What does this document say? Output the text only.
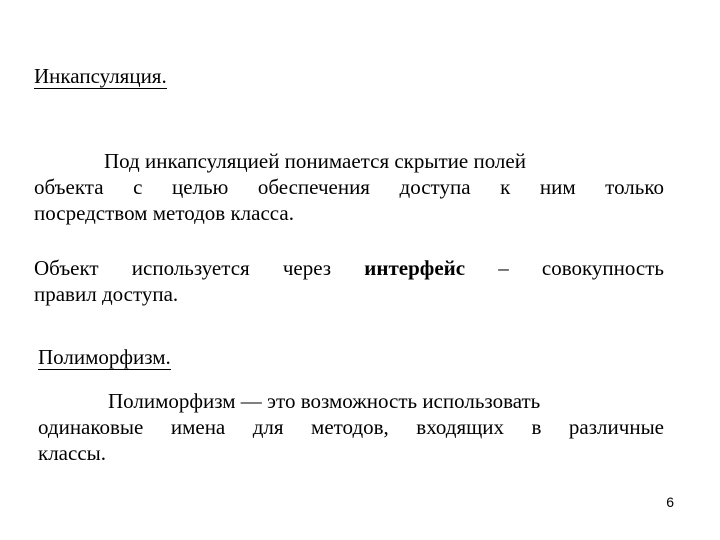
Инкапсуляция.
Под инкапсуляцией понимается скрытие полей
объекта с целью обеспечения доступа к ним только
посредством методов класса.
Объект используется через интерфейс – совокупность
правил доступа.
Полиморфизм.
Полиморфизм — это возможность использовать
одинаковые имена для методов, входящих в различные
классы.
6
